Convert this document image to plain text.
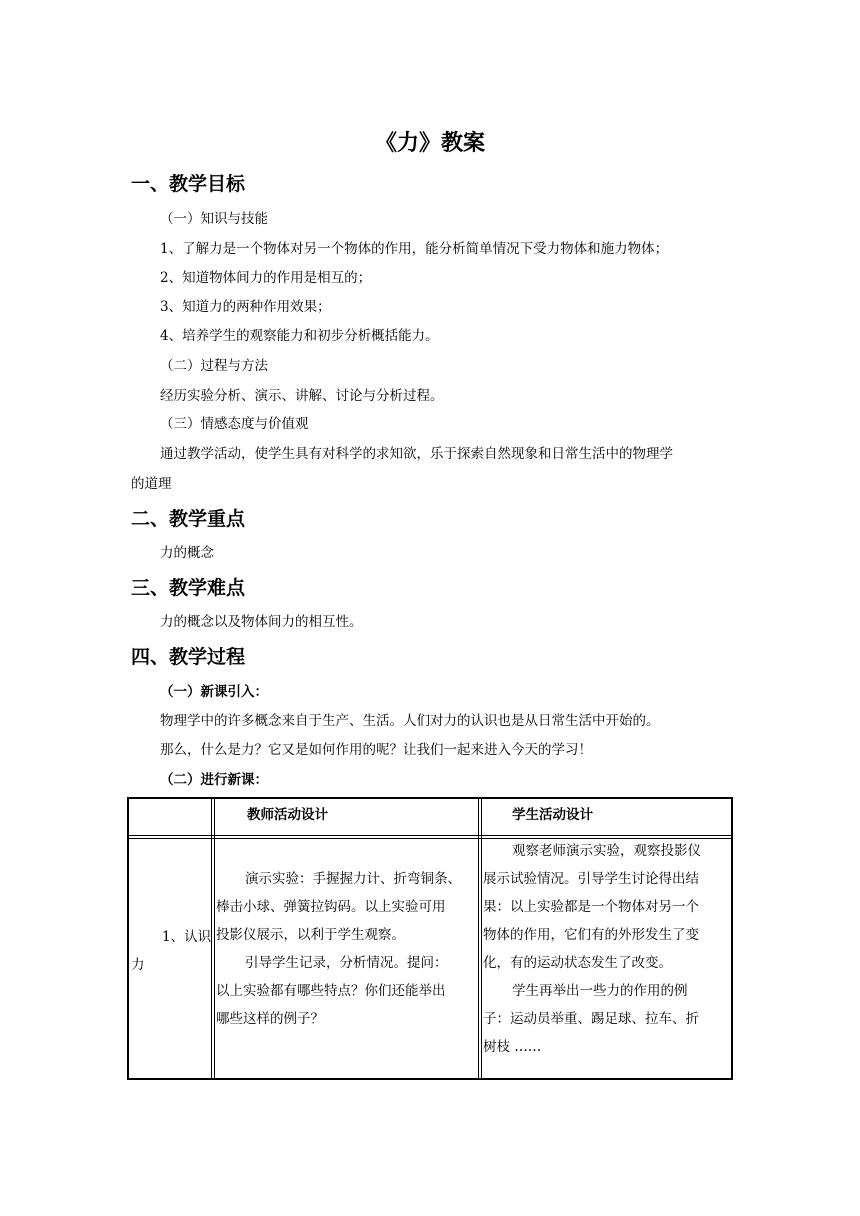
《力》教案
一、教学目标
（一）知识与技能
1、了解力是一个物体对另一个物体的作用，能分析简单情况下受力物体和施力物体；
2、知道物体间力的作用是相互的；
3、知道力的两种作用效果；
4、培养学生的观察能力和初步分析概括能力。
（二）过程与方法
经历实验分析、演示、讲解、讨论与分析过程。
（三）情感态度与价值观
通过教学活动，使学生具有对科学的求知欲，乐于探索自然现象和日常生活中的物理学
的道理
二、教学重点
力的概念
三、教学难点
力的概念以及物体间力的相互性。
四、教学过程
（一）新课引入：
物理学中的许多概念来自于生产、生活。人们对力的认识也是从日常生活中开始的。
那么，什么是力？它又是如何作用的呢？让我们一起来进入今天的学习！
（二）进行新课：
教师活动设计	学生活动设计
1、认识
力
演示实验：手握握力计、折弯铜条、
棒击小球、弹簧拉钩码。以上实验可用
投影仪展示，以利于学生观察。
引导学生记录，分析情况。提问：
以上实验都有哪些特点？你们还能举出
哪些这样的例子？
观察老师演示实验，观察投影仪
展示试验情况。引导学生讨论得出结
果：以上实验都是一个物体对另一个
物体的作用，它们有的外形发生了变
化，有的运动状态发生了改变。
学生再举出一些力的作用的例
子：运动员举重、踢足球、拉车、折
树枝 ……
